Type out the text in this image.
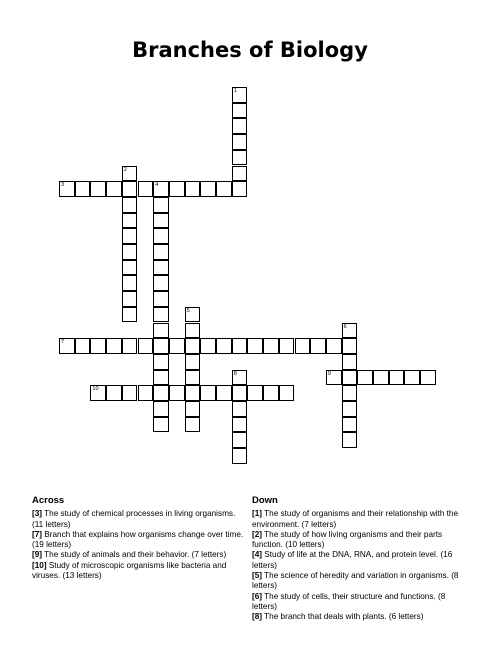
Branches of Biology
1
2
3	4
5
6
7
8	9
10
Across

[3] The study of chemical processes in living organisms. (11 letters)

[7] Branch that explains how organisms change over time. (19 letters)

[9] The study of animals and their behavior. (7 letters)

[10] Study of microscopic organisms like bacteria and viruses. (13 letters)

Down

[1] The study of organisms and their relationship with the environment. (7 letters)

[2] The study of how living organisms and their parts function. (10 letters)

[4] Study of life at the DNA, RNA, and protein level. (16 letters)

[5] The science of heredity and variation in organisms. (8 letters)

[6] The study of cells, their structure and functions. (8 letters)

[8] The branch that deals with plants. (6 letters)
